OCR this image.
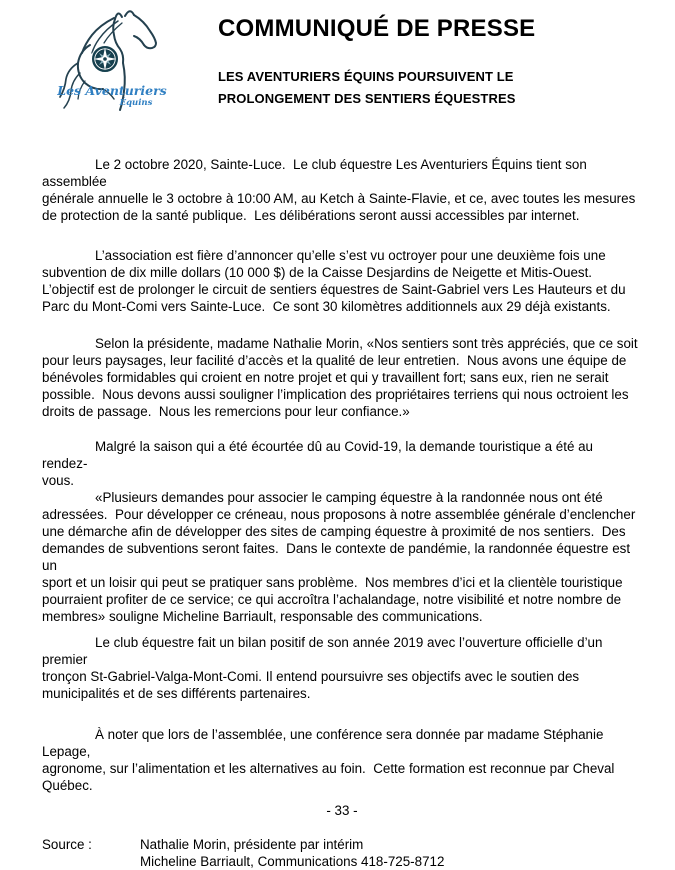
Les Aventuriers
Équins
COMMUNIQUÉ DE PRESSE
LES AVENTURIERS ÉQUINS POURSUIVENT LE
PROLONGEMENT DES SENTIERS ÉQUESTRES
Le 2 octobre 2020, Sainte-Luce.  Le club équestre Les Aventuriers Équins tient son assemblée
générale annuelle le 3 octobre à 10:00 AM, au Ketch à Sainte-Flavie, et ce, avec toutes les mesures
de protection de la santé publique.  Les délibérations seront aussi accessibles par internet.
L’association est fière d’annoncer qu’elle s’est vu octroyer pour une deuxième fois une
subvention de dix mille dollars (10 000 $) de la Caisse Desjardins de Neigette et Mitis-Ouest.
L’objectif est de prolonger le circuit de sentiers équestres de Saint-Gabriel vers Les Hauteurs et du
Parc du Mont-Comi vers Sainte-Luce.  Ce sont 30 kilomètres additionnels aux 29 déjà existants.
Selon la présidente, madame Nathalie Morin, «Nos sentiers sont très appréciés, que ce soit
pour leurs paysages, leur facilité d’accès et la qualité de leur entretien.  Nous avons une équipe de
bénévoles formidables qui croient en notre projet et qui y travaillent fort; sans eux, rien ne serait
possible.  Nous devons aussi souligner l’implication des propriétaires terriens qui nous octroient les
droits de passage.  Nous les remercions pour leur confiance.»
Malgré la saison qui a été écourtée dû au Covid-19, la demande touristique a été au rendez-
vous.
«Plusieurs demandes pour associer le camping équestre à la randonnée nous ont été
adressées.  Pour développer ce créneau, nous proposons à notre assemblée générale d’enclencher
une démarche afin de développer des sites de camping équestre à proximité de nos sentiers.  Des
demandes de subventions seront faites.  Dans le contexte de pandémie, la randonnée équestre est un
sport et un loisir qui peut se pratiquer sans problème.  Nos membres d’ici et la clientèle touristique
pourraient profiter de ce service; ce qui accroîtra l’achalandage, notre visibilité et notre nombre de
membres» souligne Micheline Barriault, responsable des communications.
Le club équestre fait un bilan positif de son année 2019 avec l’ouverture officielle d’un premier
tronçon St-Gabriel-Valga-Mont-Comi. Il entend poursuivre ses objectifs avec le soutien des
municipalités et de ses différents partenaires.
À noter que lors de l’assemblée, une conférence sera donnée par madame Stéphanie Lepage,
agronome, sur l’alimentation et les alternatives au foin.  Cette formation est reconnue par Cheval
Québec.
- 33 -
Source :	Nathalie Morin, présidente par intérim
Micheline Barriault, Communications 418-725-8712
